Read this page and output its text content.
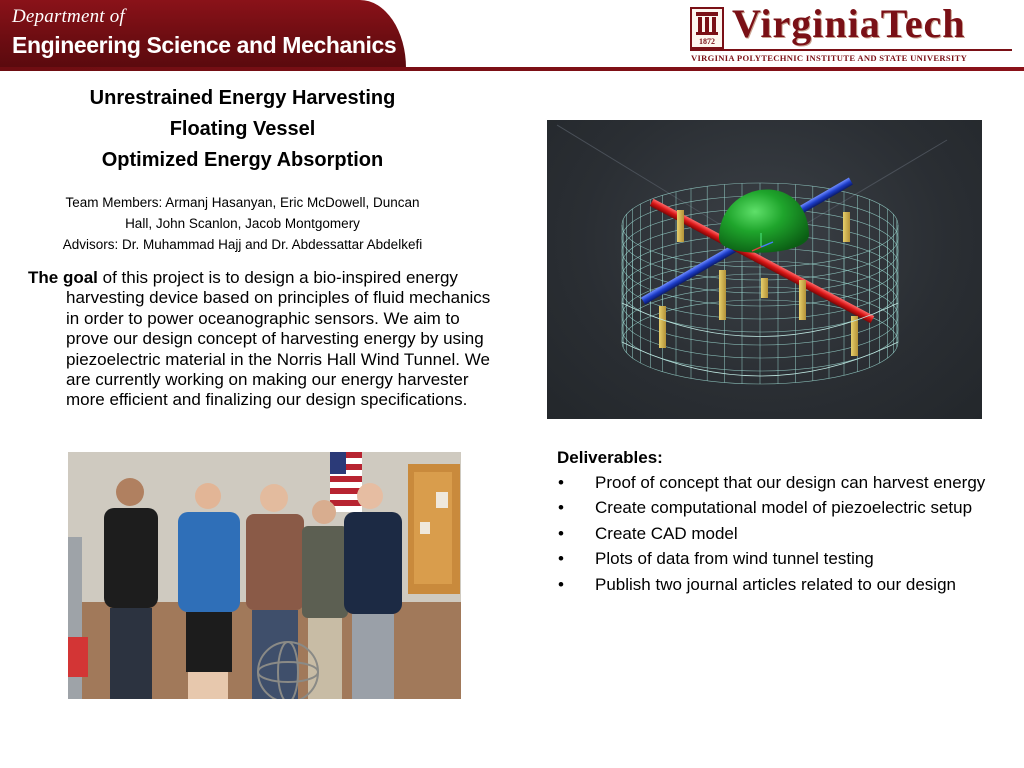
Department of
Engineering Science and Mechanics	1872 VirginiaTech
VIRGINIA POLYTECHNIC INSTITUTE AND STATE UNIVERSITY
Unrestrained Energy Harvesting
Floating Vessel
Optimized Energy Absorption
Team Members: Armanj Hasanyan, Eric McDowell, Duncan
Hall, John Scanlon, Jacob Montgomery
Advisors: Dr. Muhammad Hajj and Dr. Abdessattar Abdelkefi
The goal of this project is to design a bio-inspired energy harvesting device based on principles of fluid mechanics in order to power oceanographic sensors. We aim to prove our design concept of harvesting energy by using piezoelectric material in the Norris Hall Wind Tunnel. We are currently working on making our energy harvester more efficient and finalizing our design specifications.
Deliverables:
• Proof of concept that our design can harvest energy
• Create computational model of piezoelectric setup
• Create CAD model
• Plots of data from wind tunnel testing
• Publish two journal articles related to our design
